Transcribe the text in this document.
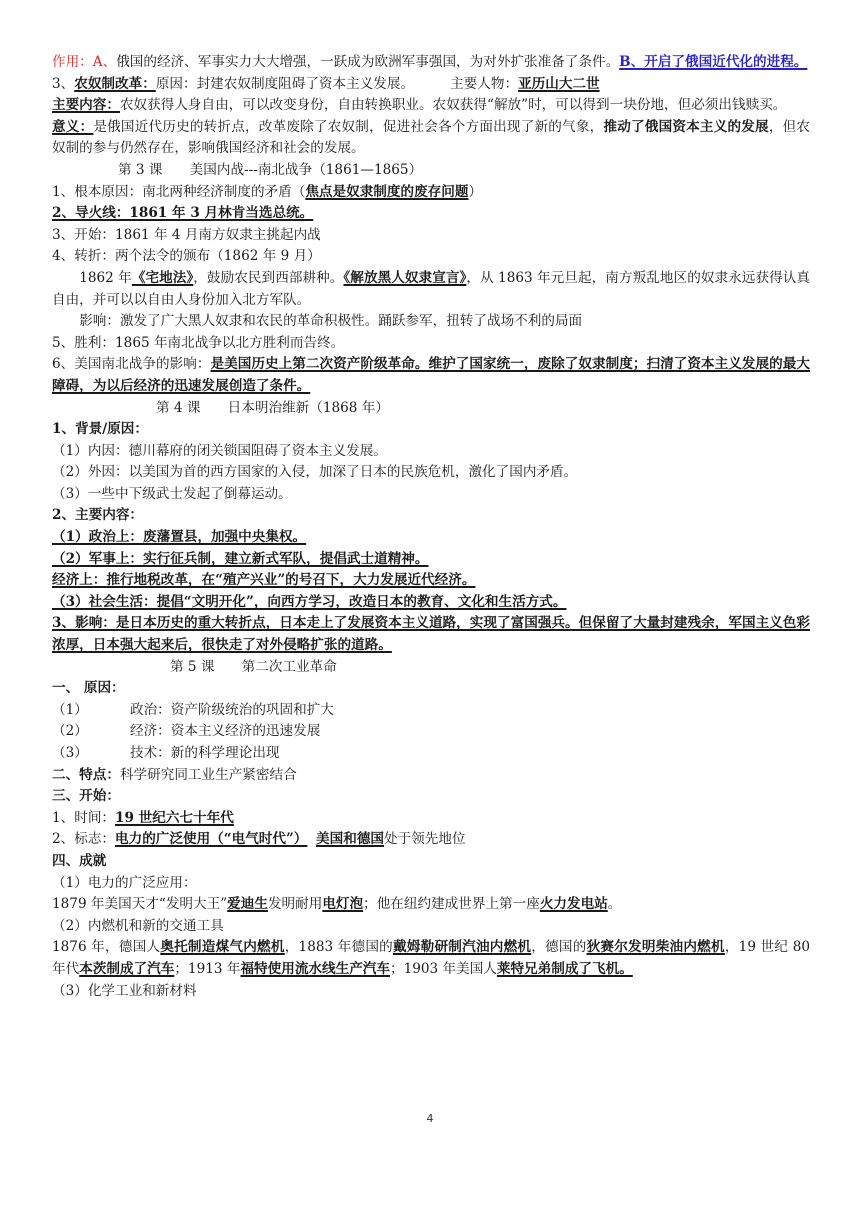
作用：A、俄国的经济、军事实力大大增强，一跃成为欧洲军事强国，为对外扩张准备了条件。B、开启了俄国近代化的进程。

3、农奴制改革：原因：封建农奴制度阻碍了资本主义发展。	主要人物：亚历山大二世

主要内容：农奴获得人身自由，可以改变身份，自由转换职业。农奴获得“解放”时，可以得到一块份地，但必须出钱赎买。

意义：是俄国近代历史的转折点，改革废除了农奴制，促进社会各个方面出现了新的气象，推动了俄国资本主义的发展，但农奴制的参与仍然存在，影响俄国经济和社会的发展。

第 3 课　　美国内战---南北战争（1861—1865）

1、根本原因：南北两种经济制度的矛盾（焦点是奴隶制度的废存问题）

2、导火线：1861 年 3 月林肯当选总统。

3、开始：1861 年 4 月南方奴隶主挑起内战

4、转折：两个法令的颁布（1862 年 9 月）

1862 年《宅地法》，鼓励农民到西部耕种。《解放黑人奴隶宣言》，从 1863 年元旦起，南方叛乱地区的奴隶永远获得认真自由，并可以以自由人身份加入北方军队。

影响：激发了广大黑人奴隶和农民的革命积极性。踊跃参军，扭转了战场不利的局面

5、胜利：1865 年南北战争以北方胜利而告终。

6、美国南北战争的影响：是美国历史上第二次资产阶级革命。维护了国家统一，废除了奴隶制度；扫清了资本主义发展的最大障碍，为以后经济的迅速发展创造了条件。

第 4 课　　日本明治维新（1868 年）

1、背景/原因：

（1）内因：德川幕府的闭关锁国阻碍了资本主义发展。

（2）外因：以美国为首的西方国家的入侵，加深了日本的民族危机，激化了国内矛盾。

（3）一些中下级武士发起了倒幕运动。

2、主要内容：

（1）政治上：废藩置县，加强中央集权。

（2）军事上：实行征兵制，建立新式军队，提倡武士道精神。

经济上：推行地税改革，在“殖产兴业”的号召下，大力发展近代经济。

（3）社会生活：提倡“文明开化”，向西方学习，改造日本的教育、文化和生活方式。

3、影响：是日本历史的重大转折点，日本走上了发展资本主义道路，实现了富国强兵。但保留了大量封建残余，军国主义色彩浓厚，日本强大起来后，很快走了对外侵略扩张的道路。

第 5 课　　第二次工业革命

一、 原因：

（1）	政治：资产阶级统治的巩固和扩大

（2）	经济：资本主义经济的迅速发展

（3）	技术：新的科学理论出现

二、特点：科学研究同工业生产紧密结合

三、开始：

1、时间：19 世纪六七十年代

2、标志：电力的广泛使用（“电气时代”） 美国和德国处于领先地位

四、成就

（1）电力的广泛应用：

1879 年美国天才“发明大王”爱迪生发明耐用电灯泡；他在纽约建成世界上第一座火力发电站。

（2）内燃机和新的交通工具

1876 年，德国人奥托制造煤气内燃机，1883 年德国的戴姆勒研制汽油内燃机，德国的狄赛尔发明柴油内燃机，19 世纪 80 年代本茨制成了汽车；1913 年福特使用流水线生产汽车；1903 年美国人莱特兄弟制成了飞机。

（3）化学工业和新材料

4
